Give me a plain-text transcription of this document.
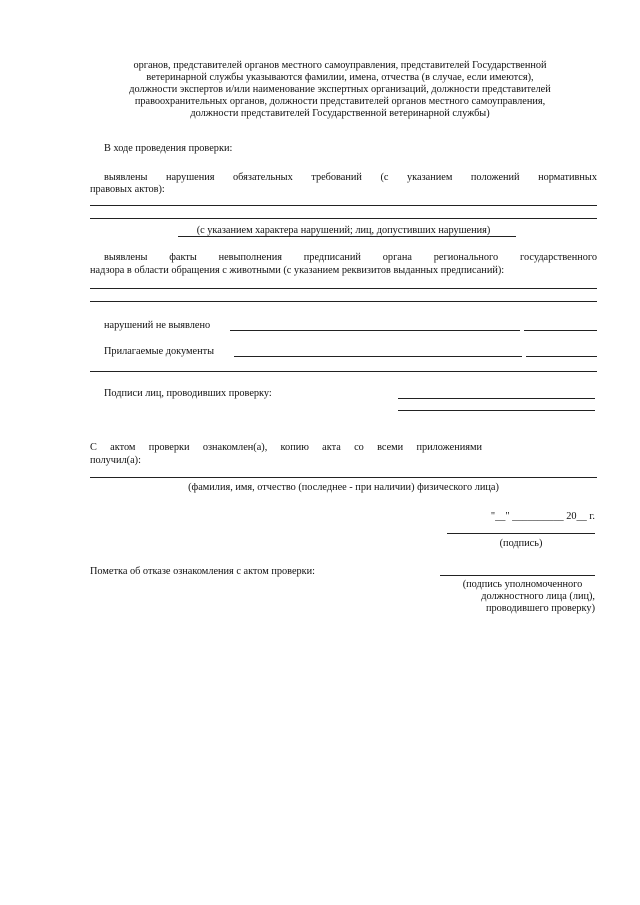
органов, представителей органов местного самоуправления, представителей Государственной
ветеринарной службы указываются фамилии, имена, отчества (в случае, если имеются),
должности экспертов и/или наименование экспертных организаций, должности представителей
правоохранительных органов, должности представителей органов местного самоуправления,
должности представителей Государственной ветеринарной службы)
В ходе проведения проверки:
выявлены нарушения обязательных требований (с указанием положений нормативных
правовых актов):
(с указанием характера нарушений; лиц, допустивших нарушения)
выявлены факты невыполнения предписаний органа регионального государственного
надзора в области обращения с животными (с указанием реквизитов выданных предписаний):
нарушений не выявлено
Прилагаемые документы
Подписи лиц, проводивших проверку:
С актом проверки ознакомлен(а), копию акта со всеми приложениями
получил(а):
(фамилия, имя, отчество (последнее - при наличии) физического лица)
"__" __________ 20__ г.
(подпись)
Пометка об отказе ознакомления с актом проверки:
(подпись уполномоченного
должностного лица (лиц),
проводившего проверку)
